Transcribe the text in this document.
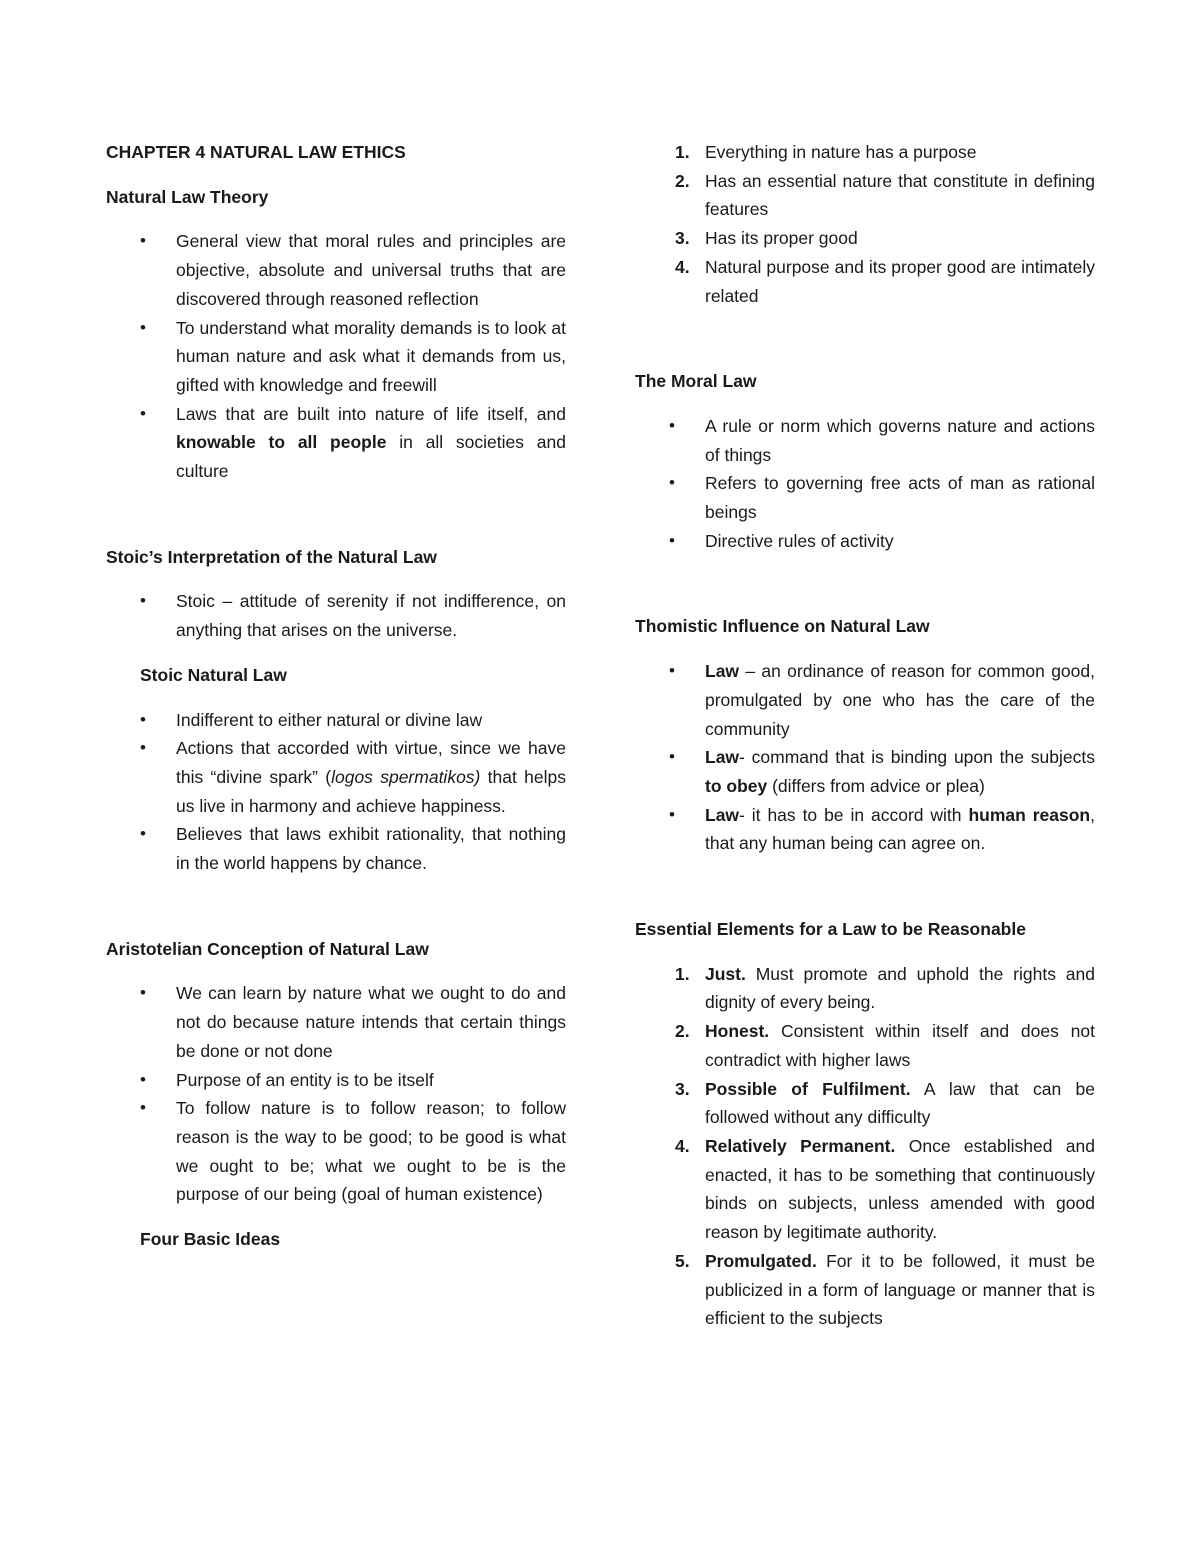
CHAPTER 4 NATURAL LAW ETHICS

Natural Law Theory

• General view that moral rules and principles are objective, absolute and universal truths that are discovered through reasoned reflection
• To understand what morality demands is to look at human nature and ask what it demands from us, gifted with knowledge and freewill
• Laws that are built into nature of life itself, and knowable to all people in all societies and culture

Stoic’s Interpretation of the Natural Law

• Stoic – attitude of serenity if not indifference, on anything that arises on the universe.

Stoic Natural Law

• Indifferent to either natural or divine law
• Actions that accorded with virtue, since we have this “divine spark” (logos spermatikos) that helps us live in harmony and achieve happiness.
• Believes that laws exhibit rationality, that nothing in the world happens by chance.

Aristotelian Conception of Natural Law

• We can learn by nature what we ought to do and not do because nature intends that certain things be done or not done
• Purpose of an entity is to be itself
• To follow nature is to follow reason; to follow reason is the way to be good; to be good is what we ought to be; what we ought to be is the purpose of our being (goal of human existence)

Four Basic Ideas

1. Everything in nature has a purpose
2. Has an essential nature that constitute in defining features
3. Has its proper good
4. Natural purpose and its proper good are intimately related

The Moral Law

• A rule or norm which governs nature and actions of things
• Refers to governing free acts of man as rational beings
• Directive rules of activity

Thomistic Influence on Natural Law

• Law – an ordinance of reason for common good, promulgated by one who has the care of the community
• Law- command that is binding upon the subjects to obey (differs from advice or plea)
• Law- it has to be in accord with human reason, that any human being can agree on.

Essential Elements for a Law to be Reasonable

1. Just. Must promote and uphold the rights and dignity of every being.
2. Honest. Consistent within itself and does not contradict with higher laws
3. Possible of Fulfilment. A law that can be followed without any difficulty
4. Relatively Permanent. Once established and enacted, it has to be something that continuously binds on subjects, unless amended with good reason by legitimate authority.
5. Promulgated. For it to be followed, it must be publicized in a form of language or manner that is efficient to the subjects
